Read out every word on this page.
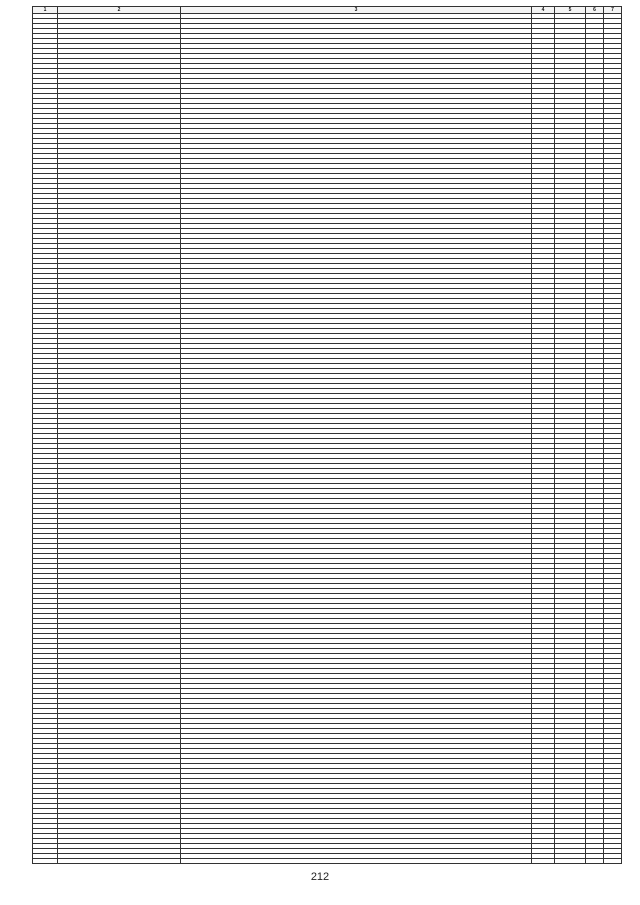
1	2	3	4	5	6	7

212
